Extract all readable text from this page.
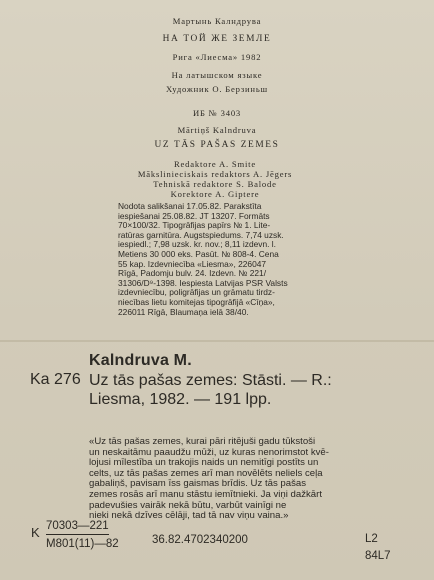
Мартынь Калндрува
НА ТОЙ ЖЕ ЗЕМЛЕ
Рига «Лиесма» 1982
На латышском языке
Художник О. Берзиньш
ИБ № 3403
Mārtiņš Kalndruva
UZ TĀS PAŠAS ZEMES
Redaktore A. Smite
Mākslinieciskais redaktors A. Jēgers
Tehniskā redaktore S. Balode
Korektore A. Giptere
Nodota salikšanai 17.05.82. Parakstīta
iespiešanai 25.08.82. JT 13207. Formāts
70×100/32. Tipogrāfijas papīrs № 1. Lite-
ratūras garnitūra. Augstspiedums. 7,74 uzsk.
iespiedl.; 7,98 uzsk. kr. nov.; 8,11 izdevn. l.
Metiens 30 000 eks. Pasūt. № 808-4. Cena
55 kap. Izdevniecība «Liesma», 226047
Rīgā, Padomju bulv. 24. Izdevn. № 221/
31306/D⁹-1398. Iespiesta Latvijas PSR Valsts
izdevniecību, poligrāfijas un grāmatu tirdz-
niecības lietu komitejas tipogrāfijā «Cīņa»,
226011 Rīgā, Blaumaņa ielā 38/40.
Kalndruva M.
Ka 276 Uz tās pašas zemes: Stāsti. — R.:
Liesma, 1982. — 191 lpp.
«Uz tās pašas zemes, kurai pāri ritējuši gadu tūkstoši
un neskaitāmu paaudžu mūži, uz kuras nenorimstot kvē-
lojusi mīlestība un trakojis naids un nemitīgi postīts un
celts, uz tās pašas zemes arī man novēlēts neliels ceļa
gabaliņš, pavisam īss gaismas brīdis. Uz tās pašas
zemes rosās arī manu stāstu iemītnieki. Ja viņi dažkārt
padevušies vairāk nekā būtu, varbūt vainīgi ne
nieki nekā dzīves cēlāji, tad tā nav viņu vaina.»
K 70303—221
M801(11)—82	36.82.4702340200	L2
84L7
